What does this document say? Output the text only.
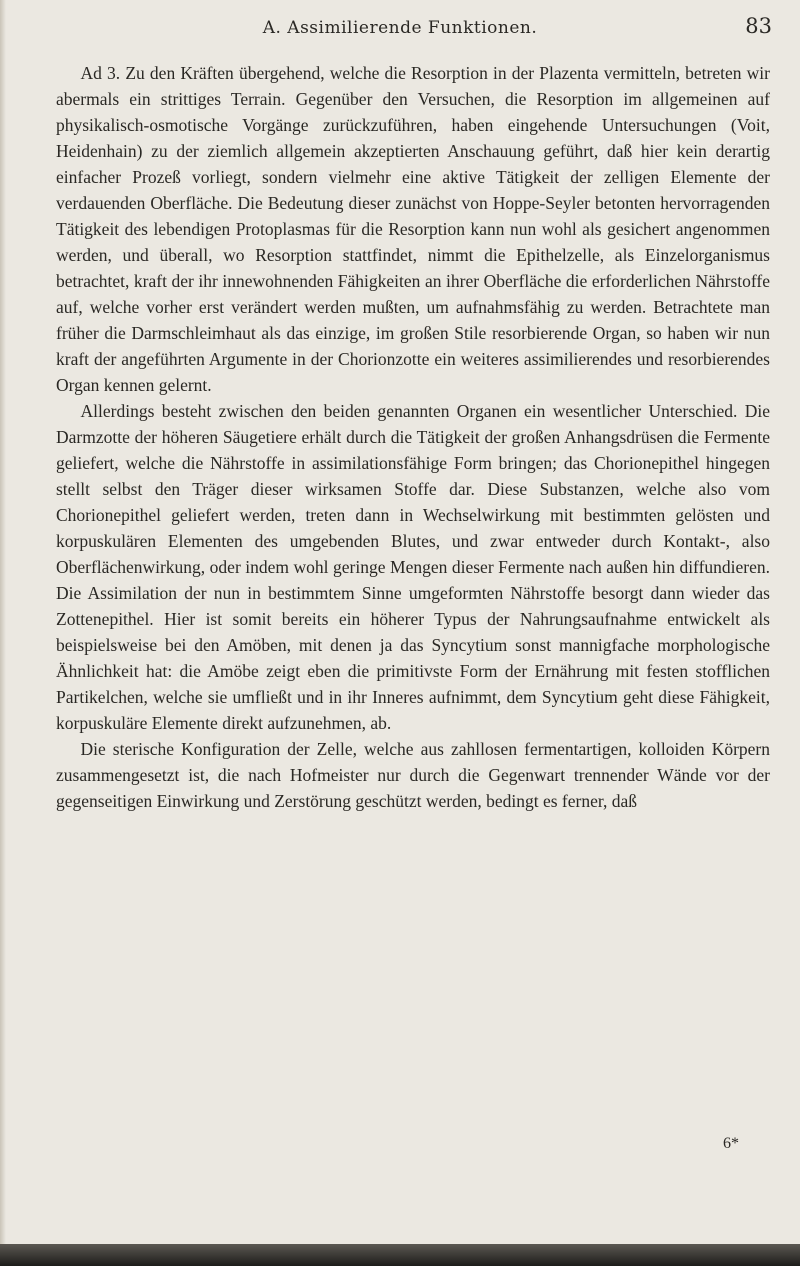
A. Assimilierende Funktionen.	83

Ad 3. Zu den Kräften übergehend, welche die Resorption in der Plazenta vermitteln, betreten wir abermals ein strittiges Terrain. Gegenüber den Versuchen, die Resorption im allgemeinen auf physikalisch-osmotische Vorgänge zurückzuführen, haben eingehende Untersuchungen (Voit, Heidenhain) zu der ziemlich allgemein akzeptierten Anschauung geführt, daß hier kein derartig einfacher Prozeß vorliegt, sondern vielmehr eine aktive Tätigkeit der zelligen Elemente der verdauenden Oberfläche. Die Bedeutung dieser zunächst von Hoppe-Seyler betonten hervorragenden Tätigkeit des lebendigen Protoplasmas für die Resorption kann nun wohl als gesichert angenommen werden, und überall, wo Resorption stattfindet, nimmt die Epithelzelle, als Einzelorganismus betrachtet, kraft der ihr innewohnenden Fähigkeiten an ihrer Oberfläche die erforderlichen Nährstoffe auf, welche vorher erst verändert werden mußten, um aufnahmsfähig zu werden. Betrachtete man früher die Darmschleimhaut als das einzige, im großen Stile resorbierende Organ, so haben wir nun kraft der angeführten Argumente in der Chorionzotte ein weiteres assimilierendes und resorbierendes Organ kennen gelernt.

Allerdings besteht zwischen den beiden genannten Organen ein wesentlicher Unterschied. Die Darmzotte der höheren Säugetiere erhält durch die Tätigkeit der großen Anhangsdrüsen die Fermente geliefert, welche die Nährstoffe in assimilationsfähige Form bringen; das Chorionepithel hingegen stellt selbst den Träger dieser wirksamen Stoffe dar. Diese Substanzen, welche also vom Chorionepithel geliefert werden, treten dann in Wechselwirkung mit bestimmten gelösten und korpuskulären Elementen des umgebenden Blutes, und zwar entweder durch Kontakt-, also Oberflächenwirkung, oder indem wohl geringe Mengen dieser Fermente nach außen hin diffundieren. Die Assimilation der nun in bestimmtem Sinne umgeformten Nährstoffe besorgt dann wieder das Zottenepithel. Hier ist somit bereits ein höherer Typus der Nahrungsaufnahme entwickelt als beispielsweise bei den Amöben, mit denen ja das Syncytium sonst mannigfache morphologische Ähnlichkeit hat: die Amöbe zeigt eben die primitivste Form der Ernährung mit festen stofflichen Partikelchen, welche sie umfließt und in ihr Inneres aufnimmt, dem Syncytium geht diese Fähigkeit, korpuskuläre Elemente direkt aufzunehmen, ab.

Die sterische Konfiguration der Zelle, welche aus zahllosen fermentartigen, kolloiden Körpern zusammengesetzt ist, die nach Hofmeister nur durch die Gegenwart trennender Wände vor der gegenseitigen Einwirkung und Zerstörung geschützt werden, bedingt es ferner, daß

6*
